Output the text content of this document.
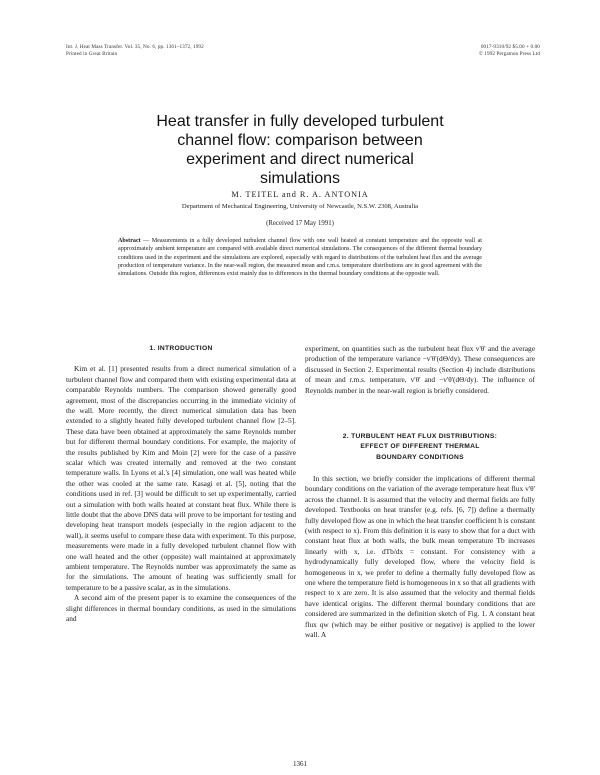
Int. J. Heat Mass Transfer. Vol. 35, No. 6, pp. 1361–1372, 1992
Printed in Great Britain
0017-9310/92 $5.00 + 0.00
© 1992 Pergamon Press Ltd
Heat transfer in fully developed turbulent
channel flow: comparison between
experiment and direct numerical
simulations
M. TEITEL and R. A. ANTONIA
Department of Mechanical Engineering, University of Newcastle, N.S.W. 2308, Australia
(Received 17 May 1991)
Abstract — Measurements in a fully developed turbulent channel flow with one wall heated at constant temperature and the opposite wall at approximately ambient temperature are compared with available direct numerical simulations. The consequences of the different thermal boundary conditions used in the experiment and the simulations are explored, especially with regard to distributions of the turbulent heat flux and the average production of temperature variance. In the near-wall region, the measured mean and r.m.s. temperature distributions are in good agreement with the simulations. Outside this region, differences exist mainly due to differences in the thermal boundary conditions at the opposite wall.
1. INTRODUCTION

Kim et al. [1] presented results from a direct numerical simulation of a turbulent channel flow and compared them with existing experimental data at comparable Reynolds numbers. The comparison showed generally good agreement, most of the discrepancies occurring in the immediate vicinity of the wall. More recently, the direct numerical simulation data has been extended to a slightly heated fully developed turbulent channel flow [2–5]. These data have been obtained at approximately the same Reynolds number but for different thermal boundary conditions. For example, the majority of the results published by Kim and Moin [2] were for the case of a passive scalar which was created internally and removed at the two constant temperature walls. In Lyons et al.'s [4] simulation, one wall was heated while the other was cooled at the same rate. Kasagi et al. [5], noting that the conditions used in ref. [3] would be difficult to set up experimentally, carried out a simulation with both walls heated at constant heat flux. While there is little doubt that the above DNS data will prove to be important for testing and developing heat transport models (especially in the region adjacent to the wall), it seems useful to compare these data with experiment. To this purpose, measurements were made in a fully developed turbulent channel flow with one wall heated and the other (opposite) wall maintained at approximately ambient temperature. The Reynolds number was approximately the same as for the simulations. The amount of heating was sufficiently small for temperature to be a passive scalar, as in the simulations.

A second aim of the present paper is to examine the consequences of the slight differences in thermal boundary conditions, as used in the simulations and

experiment, on quantities such as the turbulent heat flux v'θ' and the average production of the temperature variance −v'θ'(dΘ/dy). These consequences are discussed in Section 2. Experimental results (Section 4) include distributions of mean and r.m.s. temperature, v'θ' and −v'θ'(dΘ/dy). The influence of Reynolds number in the near-wall region is briefly considered.

2. TURBULENT HEAT FLUX DISTRIBUTIONS:
EFFECT OF DIFFERENT THERMAL
BOUNDARY CONDITIONS

In this section, we briefly consider the implications of different thermal boundary conditions on the variation of the average temperature heat flux v'θ' across the channel. It is assumed that the velocity and thermal fields are fully developed. Textbooks on heat transfer (e.g. refs. [6, 7]) define a thermally fully developed flow as one in which the heat transfer coefficient h is constant (with respect to x). From this definition it is easy to show that for a duct with constant heat flux at both walls, the bulk mean temperature Tb increases linearly with x, i.e. dTb/dx = constant. For consistency with a hydrodynamically fully developed flow, where the velocity field is homogeneous in x, we prefer to define a thermally fully developed flow as one where the temperature field is homogeneous in x so that all gradients with respect to x are zero. It is also assumed that the velocity and thermal fields have identical origins. The different thermal boundary conditions that are considered are summarized in the definition sketch of Fig. 1. A constant heat flux qw (which may be either positive or negative) is applied to the lower wall. A

1361
